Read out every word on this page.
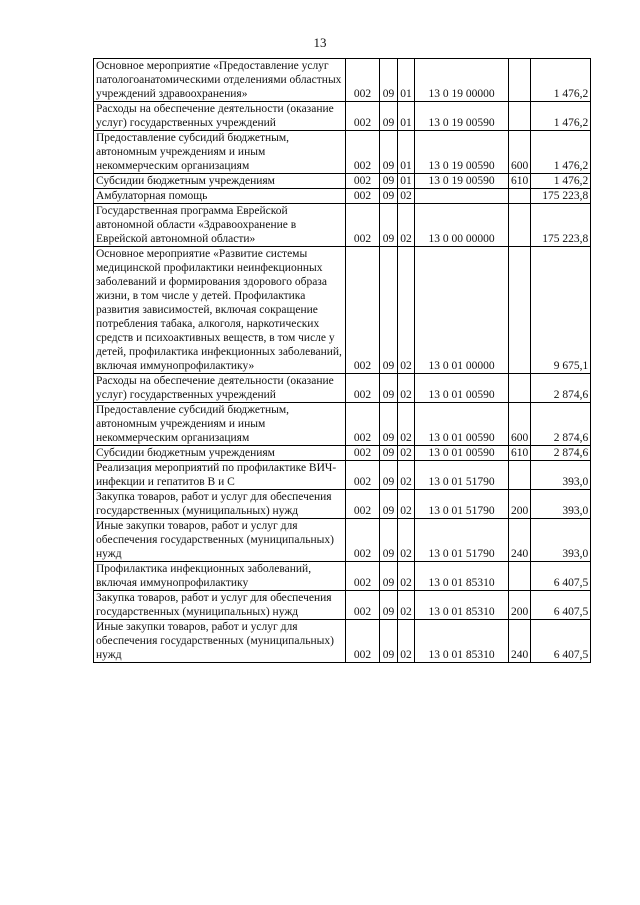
13
Основное мероприятие «Предоставление услуг патологоанатомическими отделениями областных учреждений здравоохранения»	002	09	01	13 0 19 00000		1 476,2
Расходы на обеспечение деятельности (оказание услуг) государственных учреждений	002	09	01	13 0 19 00590		1 476,2
Предоставление субсидий бюджетным, автономным учреждениям и иным некоммерческим организациям	002	09	01	13 0 19 00590	600	1 476,2
Субсидии бюджетным учреждениям	002	09	01	13 0 19 00590	610	1 476,2
Амбулаторная помощь	002	09	02			175 223,8
Государственная программа Еврейской автономной области «Здравоохранение в Еврейской автономной области»	002	09	02	13 0 00 00000		175 223,8
Основное мероприятие «Развитие системы медицинской профилактики неинфекционных заболеваний и формирования здорового образа жизни, в том числе у детей. Профилактика развития зависимостей, включая сокращение потребления табака, алкоголя, наркотических средств и психоактивных веществ, в том числе у детей, профилактика инфекционных заболеваний, включая иммунопрофилактику»	002	09	02	13 0 01 00000		9 675,1
Расходы на обеспечение деятельности (оказание услуг) государственных учреждений	002	09	02	13 0 01 00590		2 874,6
Предоставление субсидий бюджетным, автономным учреждениям и иным некоммерческим организациям	002	09	02	13 0 01 00590	600	2 874,6
Субсидии бюджетным учреждениям	002	09	02	13 0 01 00590	610	2 874,6
Реализация мероприятий по профилактике ВИЧ-инфекции и гепатитов В и С	002	09	02	13 0 01 51790		393,0
Закупка товаров, работ и услуг для обеспечения государственных (муниципальных) нужд	002	09	02	13 0 01 51790	200	393,0
Иные закупки товаров, работ и услуг для обеспечения государственных (муниципальных) нужд	002	09	02	13 0 01 51790	240	393,0
Профилактика инфекционных заболеваний, включая иммунопрофилактику	002	09	02	13 0 01 85310		6 407,5
Закупка товаров, работ и услуг для обеспечения государственных (муниципальных) нужд	002	09	02	13 0 01 85310	200	6 407,5
Иные закупки товаров, работ и услуг для обеспечения государственных (муниципальных) нужд	002	09	02	13 0 01 85310	240	6 407,5
